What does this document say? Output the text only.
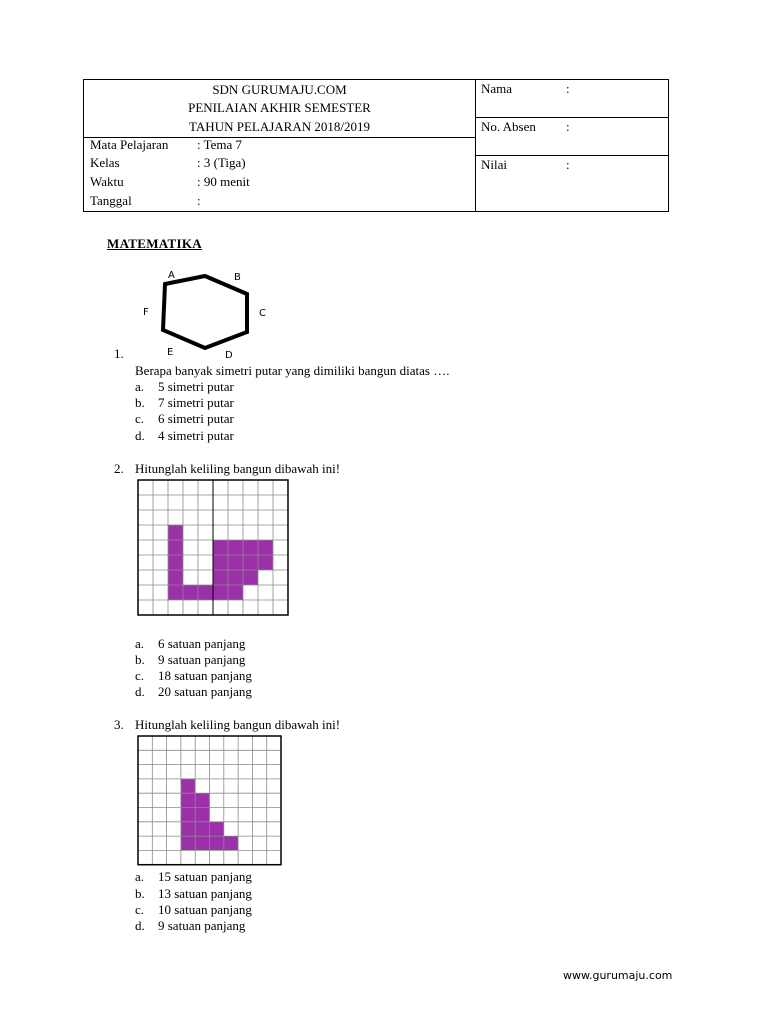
SDN GURUMAJU.COM
PENILAIAN AKHIR SEMESTER
TAHUN PELAJARAN 2018/2019
Mata Pelajaran : Tema 7
Kelas	: 3 (Tiga)
Waktu	: 90 menit
Tanggal	:
Nama	:
No. Absen :
Nilai	:
MATEMATIKA
A	B
C
D
E
F
1.
Berapa banyak simetri putar yang dimiliki bangun diatas ….
a. 5 simetri putar
b. 7 simetri putar
c. 6 simetri putar
d. 4 simetri putar
2. Hitunglah keliling bangun dibawah ini!
a. 6 satuan panjang
b. 9 satuan panjang
c. 18 satuan panjang
d. 20 satuan panjang
3. Hitunglah keliling bangun dibawah ini!
a. 15 satuan panjang
b. 13 satuan panjang
c. 10 satuan panjang
d. 9 satuan panjang
www.gurumaju.com
